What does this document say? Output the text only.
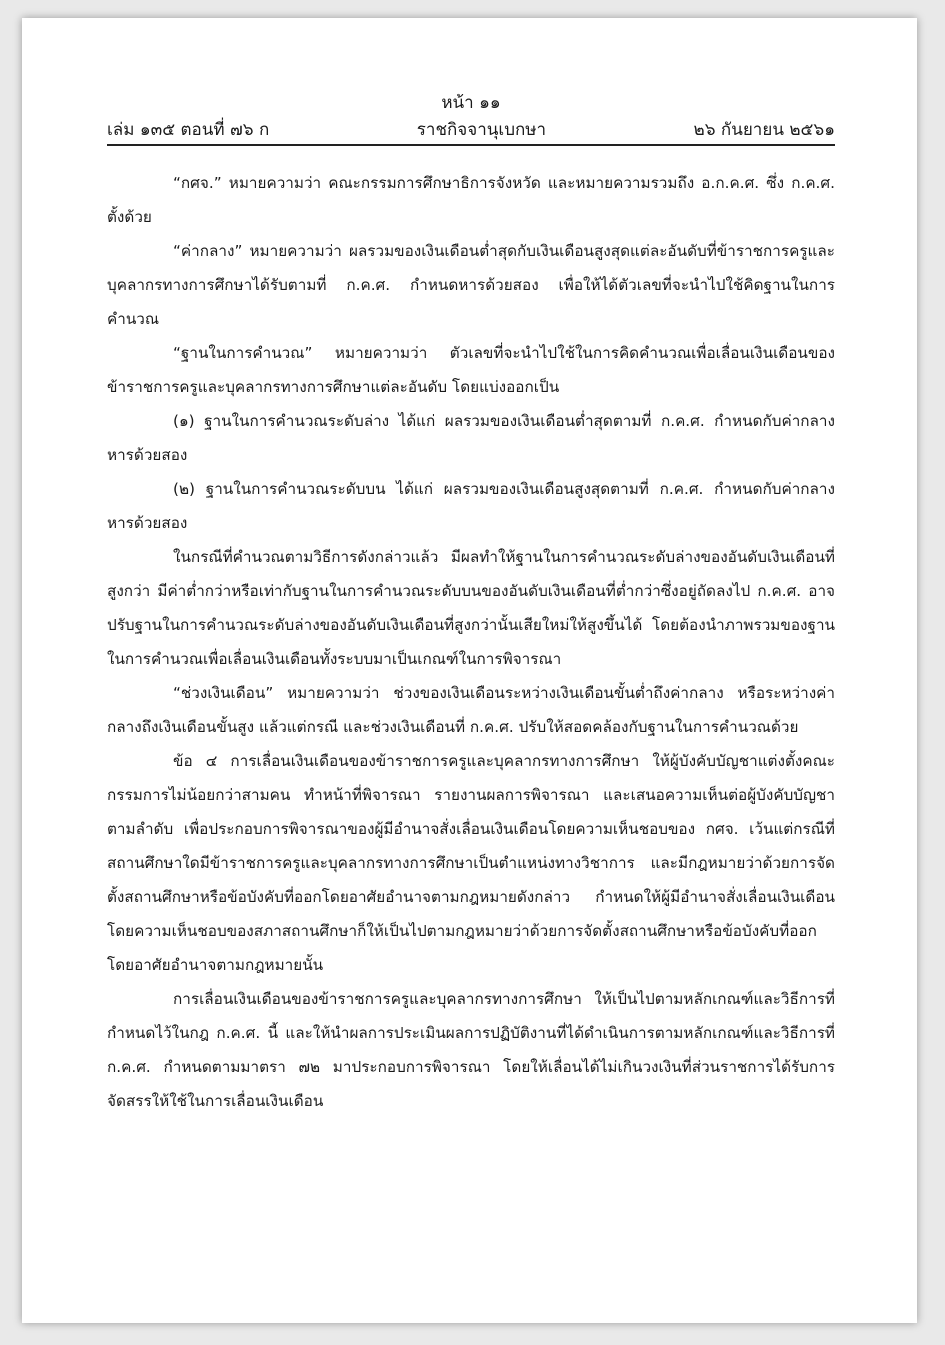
หน้า ๑๑
เล่ม ๑๓๕ ตอนที่ ๗๖ ก	ราชกิจจานุเบกษา	๒๖ กันยายน ๒๕๖๑

“กศจ.” หมายความว่า คณะกรรมการศึกษาธิการจังหวัด และหมายความรวมถึง อ.ก.ค.ศ. ซึ่ง ก.ค.ศ. ตั้งด้วย

“ค่ากลาง” หมายความว่า ผลรวมของเงินเดือนต่ำสุดกับเงินเดือนสูงสุดแต่ละอันดับที่ข้าราชการครูและบุคลากรทางการศึกษาได้รับตามที่ ก.ค.ศ. กำหนดหารด้วยสอง เพื่อให้ได้ตัวเลขที่จะนำไปใช้คิดฐานในการคำนวณ

“ฐานในการคำนวณ” หมายความว่า ตัวเลขที่จะนำไปใช้ในการคิดคำนวณเพื่อเลื่อนเงินเดือนของข้าราชการครูและบุคลากรทางการศึกษาแต่ละอันดับ โดยแบ่งออกเป็น

(๑) ฐานในการคำนวณระดับล่าง ได้แก่ ผลรวมของเงินเดือนต่ำสุดตามที่ ก.ค.ศ. กำหนดกับค่ากลาง หารด้วยสอง

(๒) ฐานในการคำนวณระดับบน ได้แก่ ผลรวมของเงินเดือนสูงสุดตามที่ ก.ค.ศ. กำหนดกับค่ากลาง หารด้วยสอง

ในกรณีที่คำนวณตามวิธีการดังกล่าวแล้ว มีผลทำให้ฐานในการคำนวณระดับล่างของอันดับเงินเดือนที่สูงกว่า มีค่าต่ำกว่าหรือเท่ากับฐานในการคำนวณระดับบนของอันดับเงินเดือนที่ต่ำกว่าซึ่งอยู่ถัดลงไป ก.ค.ศ. อาจปรับฐานในการคำนวณระดับล่างของอันดับเงินเดือนที่สูงกว่านั้นเสียใหม่ให้สูงขึ้นได้ โดยต้องนำภาพรวมของฐานในการคำนวณเพื่อเลื่อนเงินเดือนทั้งระบบมาเป็นเกณฑ์ในการพิจารณา

“ช่วงเงินเดือน” หมายความว่า ช่วงของเงินเดือนระหว่างเงินเดือนขั้นต่ำถึงค่ากลาง หรือระหว่างค่ากลางถึงเงินเดือนขั้นสูง แล้วแต่กรณี และช่วงเงินเดือนที่ ก.ค.ศ. ปรับให้สอดคล้องกับฐานในการคำนวณด้วย

ข้อ ๔ การเลื่อนเงินเดือนของข้าราชการครูและบุคลากรทางการศึกษา ให้ผู้บังคับบัญชาแต่งตั้งคณะกรรมการไม่น้อยกว่าสามคน ทำหน้าที่พิจารณา รายงานผลการพิจารณา และเสนอความเห็นต่อผู้บังคับบัญชาตามลำดับ เพื่อประกอบการพิจารณาของผู้มีอำนาจสั่งเลื่อนเงินเดือนโดยความเห็นชอบของ กศจ. เว้นแต่กรณีที่สถานศึกษาใดมีข้าราชการครูและบุคลากรทางการศึกษาเป็นตำแหน่งทางวิชาการ และมีกฎหมายว่าด้วยการจัดตั้งสถานศึกษาหรือข้อบังคับที่ออกโดยอาศัยอำนาจตามกฎหมายดังกล่าว กำหนดให้ผู้มีอำนาจสั่งเลื่อนเงินเดือนโดยความเห็นชอบของสภาสถานศึกษาก็ให้เป็นไปตามกฎหมายว่าด้วยการจัดตั้งสถานศึกษาหรือข้อบังคับที่ออกโดยอาศัยอำนาจตามกฎหมายนั้น

การเลื่อนเงินเดือนของข้าราชการครูและบุคลากรทางการศึกษา ให้เป็นไปตามหลักเกณฑ์และวิธีการที่กำหนดไว้ในกฎ ก.ค.ศ. นี้ และให้นำผลการประเมินผลการปฏิบัติงานที่ได้ดำเนินการตามหลักเกณฑ์และวิธีการที่ ก.ค.ศ. กำหนดตามมาตรา ๗๒ มาประกอบการพิจารณา โดยให้เลื่อนได้ไม่เกินวงเงินที่ส่วนราชการได้รับการจัดสรรให้ใช้ในการเลื่อนเงินเดือน
